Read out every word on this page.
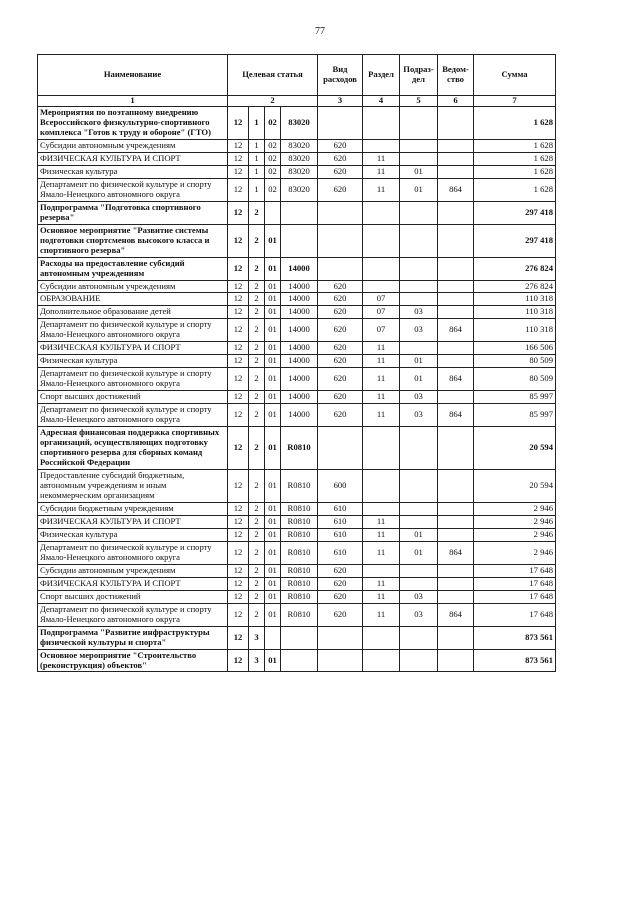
77
Наименование	Целевая статья				Вид расходов	Раздел	Подраз-дел	Ведом-ство	Сумма
1	2				3	4	5	6	7
Мероприятия по поэтапному внедрению Всероссийского физкультурно-спортивного комплекса "Готов к труду и обороне" (ГТО)	12	1	02	83020					1 628
Субсидии автономным учреждениям	12	1	02	83020	620				1 628
ФИЗИЧЕСКАЯ КУЛЬТУРА И СПОРТ	12	1	02	83020	620	11			1 628
Физическая культура	12	1	02	83020	620	11	01		1 628
Департамент по физической культуре и спорту Ямало-Ненецкого автономного округа	12	1	02	83020	620	11	01	864	1 628
Подпрограмма "Подготовка спортивного резерва"	12	2							297 418
Основное мероприятие "Развитие системы подготовки спортсменов высокого класса и спортивного резерва"	12	2	01						297 418
Расходы на предоставление субсидий автономным учреждениям	12	2	01	14000					276 824
Субсидии автономным учреждениям	12	2	01	14000	620				276 824
ОБРАЗОВАНИЕ	12	2	01	14000	620	07			110 318
Дополнительное образование детей	12	2	01	14000	620	07	03		110 318
Департамент по физической культуре и спорту Ямало-Ненецкого автономного округа	12	2	01	14000	620	07	03	864	110 318
ФИЗИЧЕСКАЯ КУЛЬТУРА И СПОРТ	12	2	01	14000	620	11			166 506
Физическая культура	12	2	01	14000	620	11	01		80 509
Департамент по физической культуре и спорту Ямало-Ненецкого автономного округа	12	2	01	14000	620	11	01	864	80 509
Спорт высших достижений	12	2	01	14000	620	11	03		85 997
Департамент по физической культуре и спорту Ямало-Ненецкого автономного округа	12	2	01	14000	620	11	03	864	85 997
Адресная финансовая поддержка спортивных организаций, осуществляющих подготовку спортивного резерва для сборных команд Российской Федерации	12	2	01	R0810					20 594
Предоставление субсидий бюджетным, автономным учреждениям и иным некоммерческим организациям	12	2	01	R0810	600				20 594
Субсидии бюджетным учреждениям	12	2	01	R0810	610				2 946
ФИЗИЧЕСКАЯ КУЛЬТУРА И СПОРТ	12	2	01	R0810	610	11			2 946
Физическая культура	12	2	01	R0810	610	11	01		2 946
Департамент по физической культуре и спорту Ямало-Ненецкого автономного округа	12	2	01	R0810	610	11	01	864	2 946
Субсидии автономным учреждениям	12	2	01	R0810	620				17 648
ФИЗИЧЕСКАЯ КУЛЬТУРА И СПОРТ	12	2	01	R0810	620	11			17 648
Спорт высших достижений	12	2	01	R0810	620	11	03		17 648
Департамент по физической культуре и спорту Ямало-Ненецкого автономного округа	12	2	01	R0810	620	11	03	864	17 648
Подпрограмма "Развитие инфраструктуры физической культуры и спорта"	12	3							873 561
Основное мероприятие "Строительство (реконструкция) объектов"	12	3	01						873 561
